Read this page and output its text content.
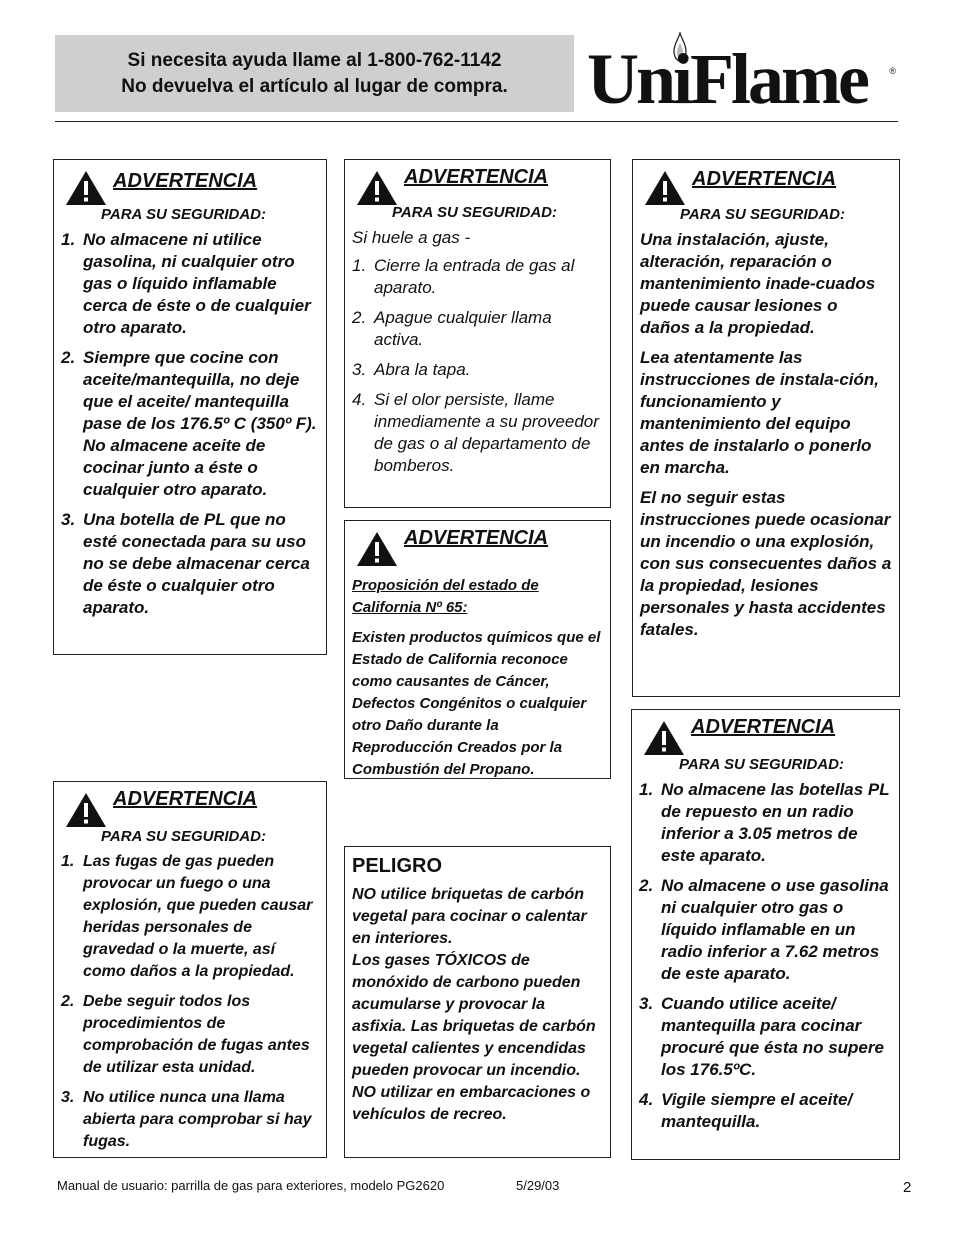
Si necesita ayuda llame al 1-800-762-1142
No devuelva el artículo al lugar de compra. UniFlame ®
ADVERTENCIA
PARA SU SEGURIDAD:
1. No almacene ni utilice gasolina, ni cualquier otro gas o líquido inflamable cerca de éste o de cualquier otro aparato.
2. Siempre que cocine con aceite/mantequilla, no deje que el aceite/ mantequilla pase de los 176.5º C (350º F). No almacene aceite de cocinar junto a éste o cualquier otro aparato.
3. Una botella de PL que no esté conectada para su uso no se debe almacenar cerca de éste o cualquier otro aparato.
ADVERTENCIA
PARA SU SEGURIDAD:
Si huele a gas -
1. Cierre la entrada de gas al aparato.
2. Apague cualquier llama activa.
3. Abra la tapa.
4. Si el olor persiste, llame inmediamente a su proveedor de gas o al departamento de bomberos.
ADVERTENCIA
PARA SU SEGURIDAD:

Una instalación, ajuste, alteración, reparación o mantenimiento inade-cuados puede causar lesiones o daños a la propiedad.

Lea atentamente las instrucciones de instala-ción, funcionamiento y mantenimiento del equipo antes de instalarlo o ponerlo en marcha.

El no seguir estas instrucciones puede ocasionar un incendio o una explosión, con sus consecuentes daños a la propiedad, lesiones personales y hasta accidentes fatales.

ADVERTENCIA
Proposición del estado de California Nº 65:
Existen productos químicos que el Estado de California reconoce como causantes de Cáncer, Defectos Congénitos o cualquier otro Daño durante la Reproducción Creados por la Combustión del Propano.
ADVERTENCIA
PARA SU SEGURIDAD:
1. No almacene las botellas PL de repuesto en un radio inferior a 3.05 metros de este aparato.
2. No almacene o use gasolina ni cualquier otro gas o líquido inflamable en un radio inferior a 7.62 metros de este aparato.
3. Cuando utilice aceite/ mantequilla para cocinar procuré que ésta no supere los 176.5ºC.
4. Vigile siempre el aceite/ mantequilla.
ADVERTENCIA
PARA SU SEGURIDAD:
1. Las fugas de gas pueden provocar un fuego o una explosión, que pueden causar heridas personales de gravedad o la muerte, así como daños a la propiedad.
2. Debe seguir todos los procedimientos de comprobación de fugas antes de utilizar esta unidad.
3. No utilice nunca una llama abierta para comprobar si hay fugas.
PELIGRO
NO utilice briquetas de carbón vegetal para cocinar o calentar en interiores.
Los gases TÓXICOS de monóxido de carbono pueden acumularse y provocar la asfixia. Las briquetas de carbón vegetal calientes y encendidas pueden provocar un incendio. NO utilizar en embarcaciones o vehículos de recreo.
Manual de usuario: parrilla de gas para exteriores, modelo PG2620	5/29/03	2
